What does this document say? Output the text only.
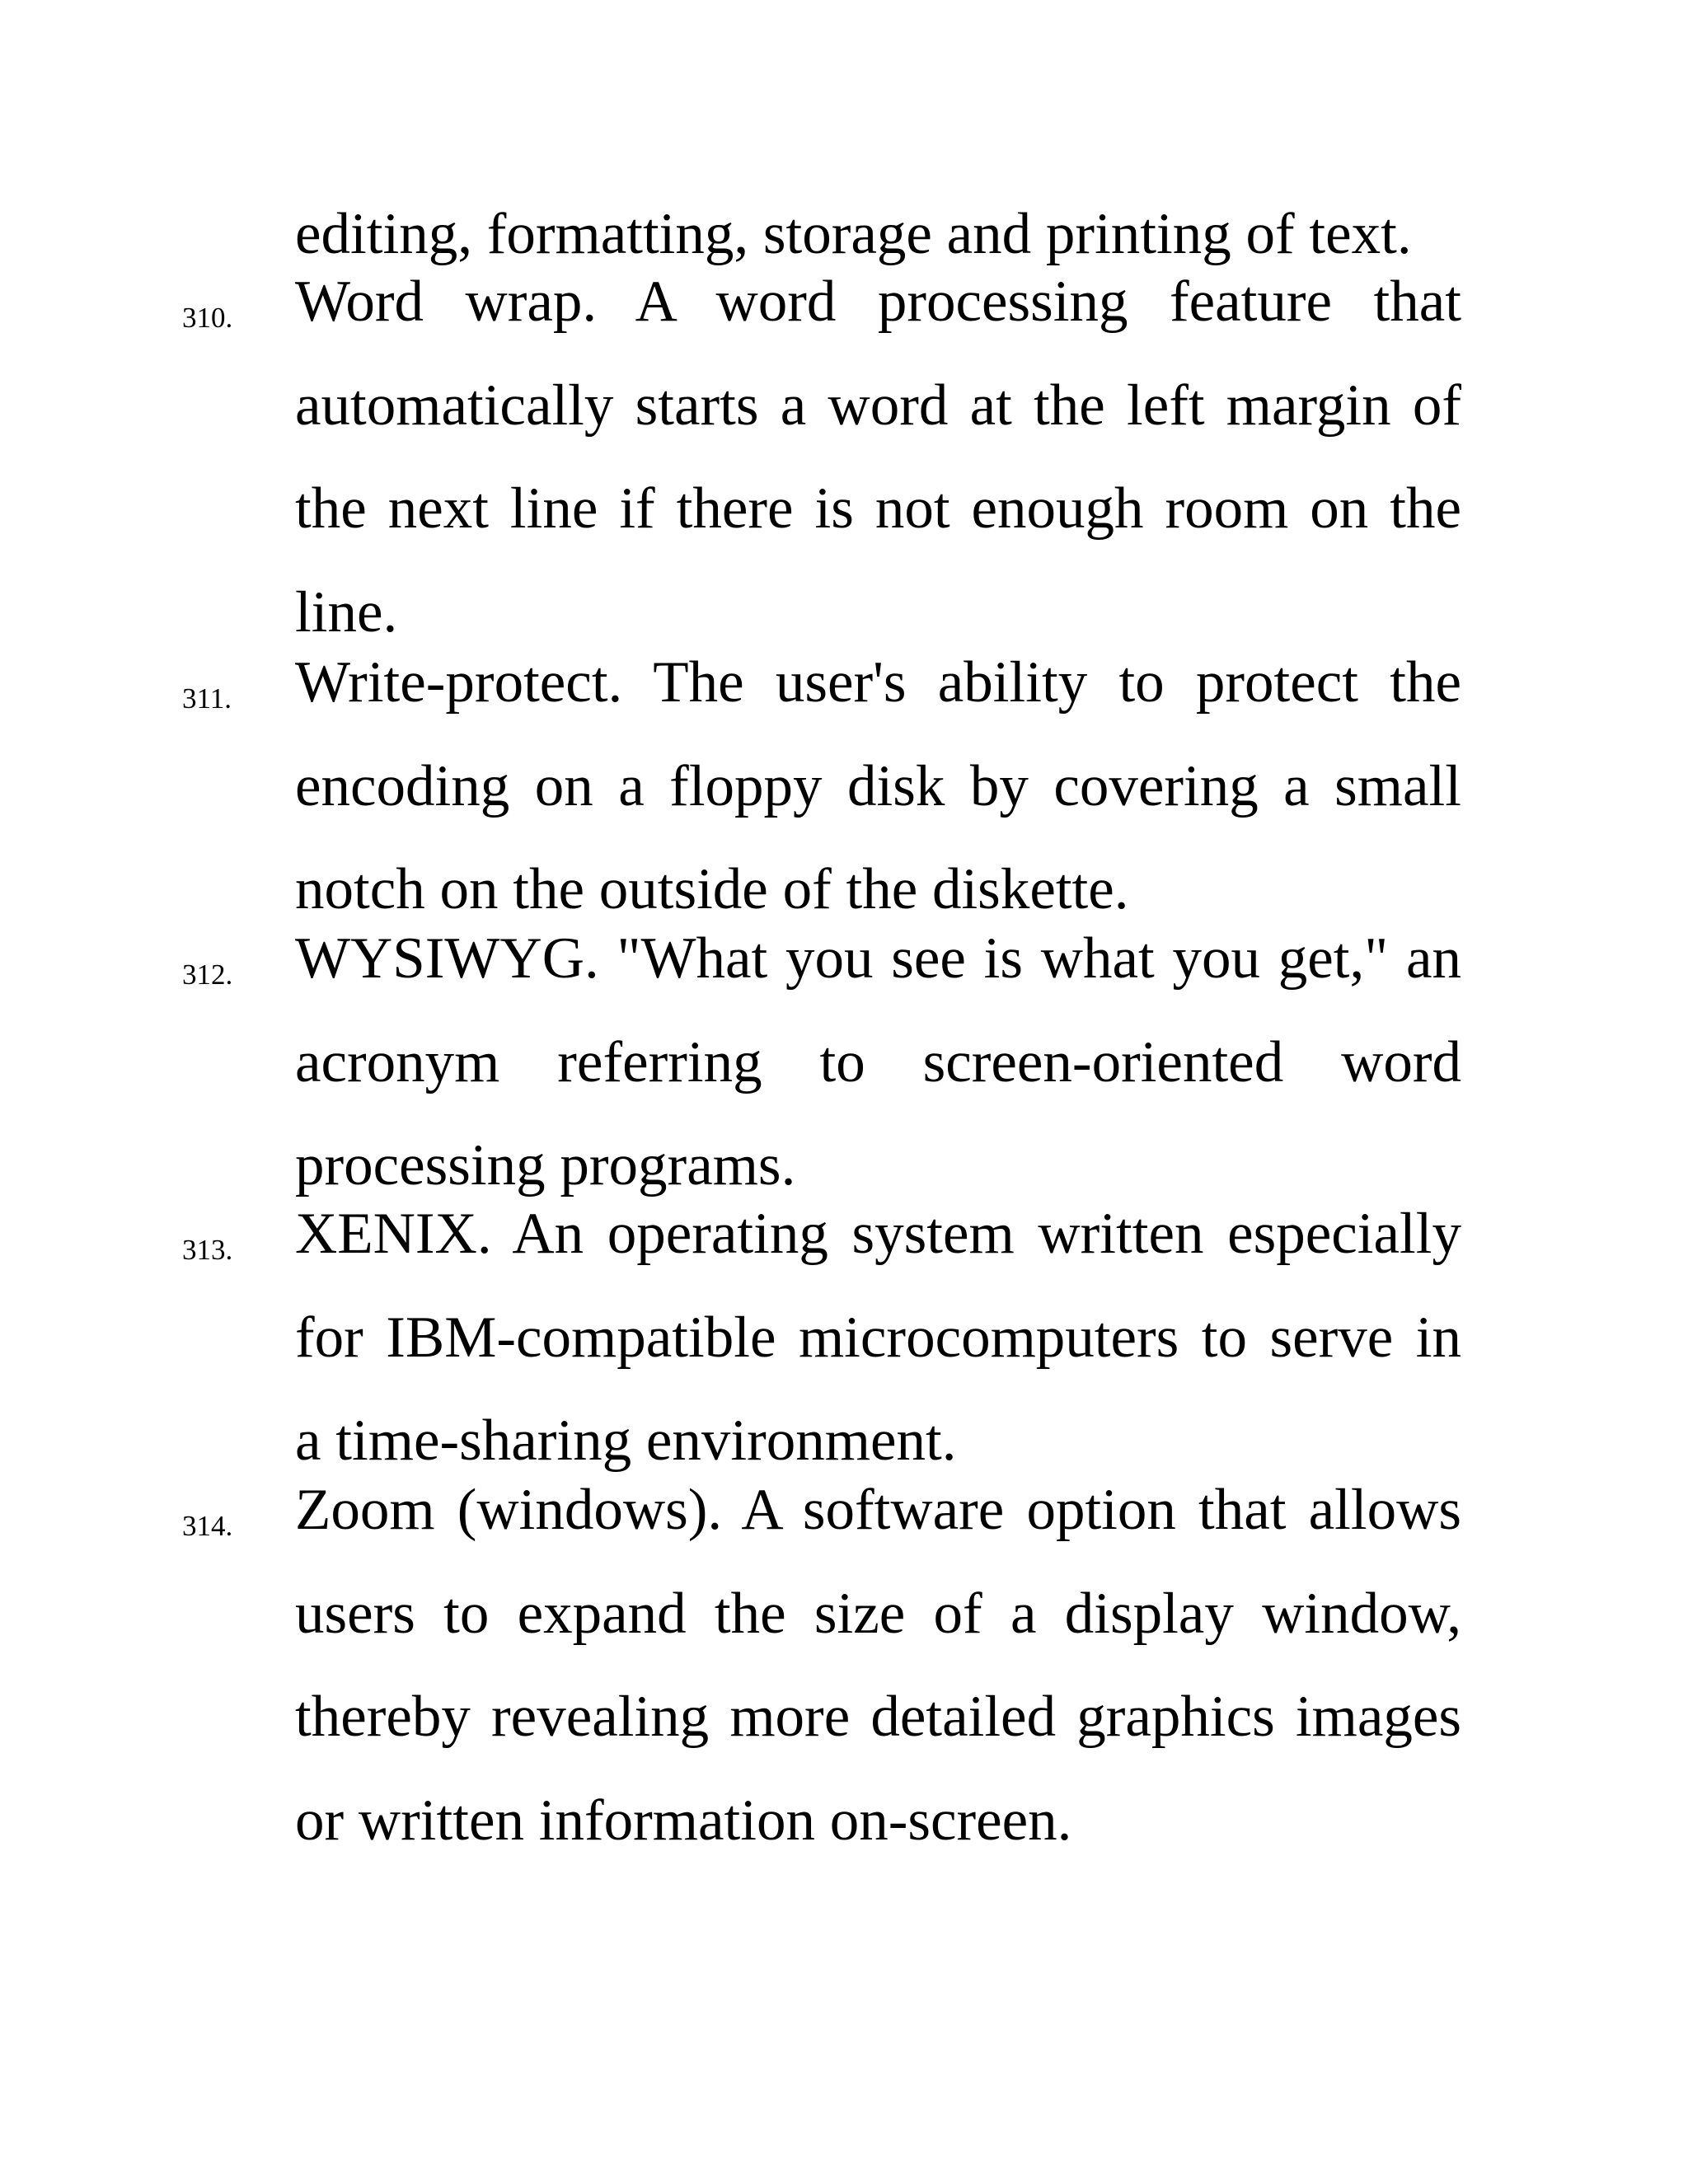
editing, formatting, storage and printing of text.
310. Word wrap. A word processing feature that
automatically starts a word at the left margin of
the next line if there is not enough room on the
line.
311. Write-protect. The user's ability to protect the
encoding on a floppy disk by covering a small
notch on the outside of the diskette.
312. WYSIWYG. "What you see is what you get," an
acronym referring to screen-oriented word
processing programs.
313. XENIX. An operating system written especially
for IBM-compatible microcomputers to serve in
a time-sharing environment.
314. Zoom (windows). A software option that allows
users to expand the size of a display window,
thereby revealing more detailed graphics images
or written information on-screen.
